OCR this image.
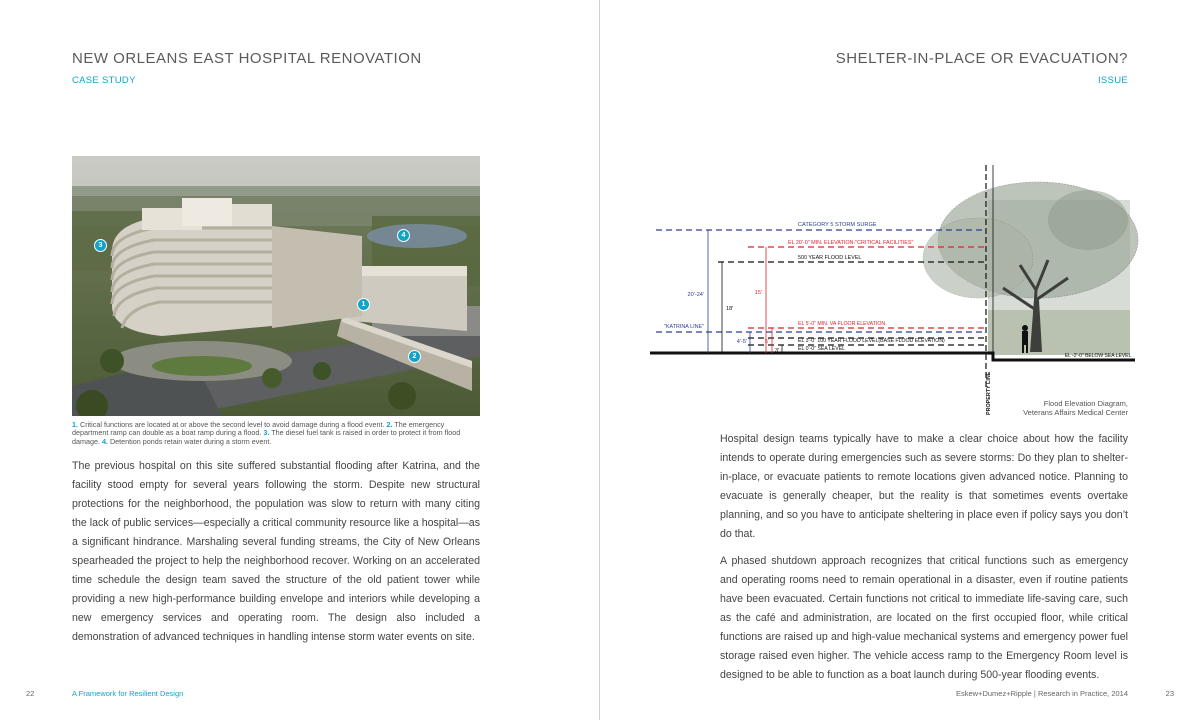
NEW ORLEANS EAST HOSPITAL RENOVATION
CASE STUDY
3
4
1
2
1. Critical functions are located at or above the second level to avoid damage during a flood event. 2. The emergency department ramp can double as a boat ramp during a flood. 3. The diesel fuel tank is raised in order to protect it from flood damage. 4. Detention ponds retain water during a storm event.

The previous hospital on this site suffered substantial flooding after Katrina, and the facility stood empty for several years following the storm. Despite new structural protections for the neighborhood, the population was slow to return with many citing the lack of public services—especially a critical community resource like a hospital—as a significant hindrance. Marshaling several funding streams, the City of New Orleans spearheaded the project to help the neighborhood recover. Working on an accelerated time schedule the design team saved the structure of the old patient tower while providing a new high-performance building envelope and interiors while developing a new emergency services and operating room. The design also included a demonstration of advanced techniques in handling intense storm water events on site.

22	A Framework for Resilient Design
SHELTER-IN-PLACE OR EVACUATION?
ISSUE
CATEGORY 5 STORM SURGE
EL 20'-0" MIN. ELEVATION-"CRITICAL FACILITIES"
500 YEAR FLOOD LEVEL
EL 5'-0" MIN. VA FLOOR ELEVATION
EL 3'-0" 100 YEAR FLOOD LEVEL(BASE FLOOD ELEVATION)
EL 0'-0" SEA LEVEL
"KATRINA LINE"
EL -2'-0" BELOW SEA LEVEL
PROPERTY LINE
20'-24'
18'
15'
4'-5'	5'
3'
Flood Elevation Diagram,
Veterans Affairs Medical Center

Hospital design teams typically have to make a clear choice about how the facility intends to operate during emergencies such as severe storms: Do they plan to shelter-in-place, or evacuate patients to remote locations given advanced notice. Planning to evacuate is generally cheaper, but the reality is that sometimes events overtake planning, and so you have to anticipate sheltering in place even if policy says you don’t do that.

A phased shutdown approach recognizes that critical functions such as emergency and operating rooms need to remain operational in a disaster, even if routine patients have been evacuated. Certain functions not critical to immediate life-saving care, such as the café and administration, are located on the first occupied floor, while critical functions are raised up and high-value mechanical systems and emergency power fuel storage raised even higher. The vehicle access ramp to the Emergency Room level is designed to be able to function as a boat launch during 500-year flooding events.

Eskew+Dumez+Ripple | Research in Practice, 2014	23
